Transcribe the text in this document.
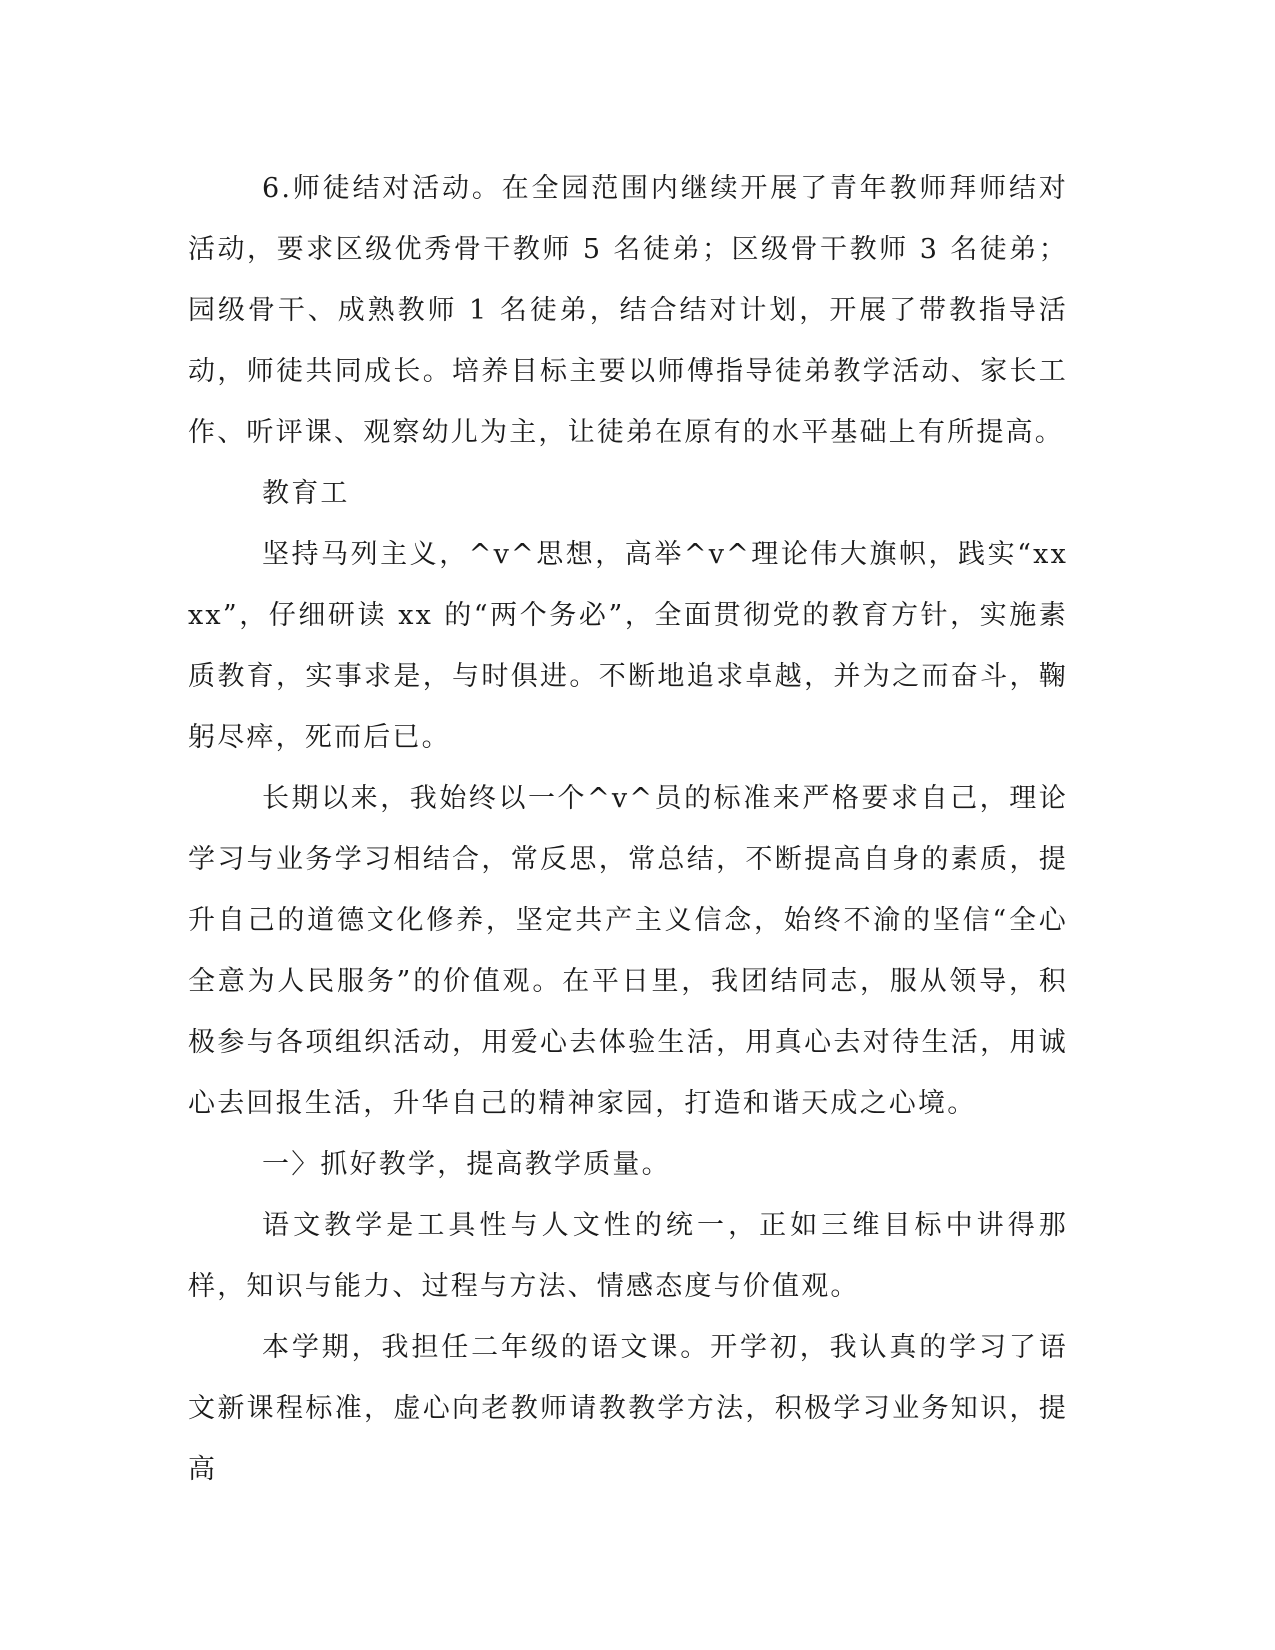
6.师徒结对活动。在全园范围内继续开展了青年教师拜师结对活动，要求区级优秀骨干教师 5 名徒弟；区级骨干教师 3 名徒弟；园级骨干、成熟教师 1 名徒弟，结合结对计划，开展了带教指导活动，师徒共同成长。培养目标主要以师傅指导徒弟教学活动、家长工作、听评课、观察幼儿为主，让徒弟在原有的水平基础上有所提高。

教育工

坚持马列主义，^v^思想，高举^v^理论伟大旗帜，践实“xxxx”，仔细研读 xx 的“两个务必”，全面贯彻党的教育方针，实施素质教育，实事求是，与时俱进。不断地追求卓越，并为之而奋斗，鞠躬尽瘁，死而后已。

长期以来，我始终以一个^v^员的标准来严格要求自己，理论学习与业务学习相结合，常反思，常总结，不断提高自身的素质，提升自己的道德文化修养，坚定共产主义信念，始终不渝的坚信“全心全意为人民服务”的价值观。在平日里，我团结同志，服从领导，积极参与各项组织活动，用爱心去体验生活，用真心去对待生活，用诚心去回报生活，升华自己的精神家园，打造和谐天成之心境。

一〉抓好教学，提高教学质量。

语文教学是工具性与人文性的统一，正如三维目标中讲得那样，知识与能力、过程与方法、情感态度与价值观。

本学期，我担任二年级的语文课。开学初，我认真的学习了语文新课程标准，虚心向老教师请教教学方法，积极学习业务知识，提高
